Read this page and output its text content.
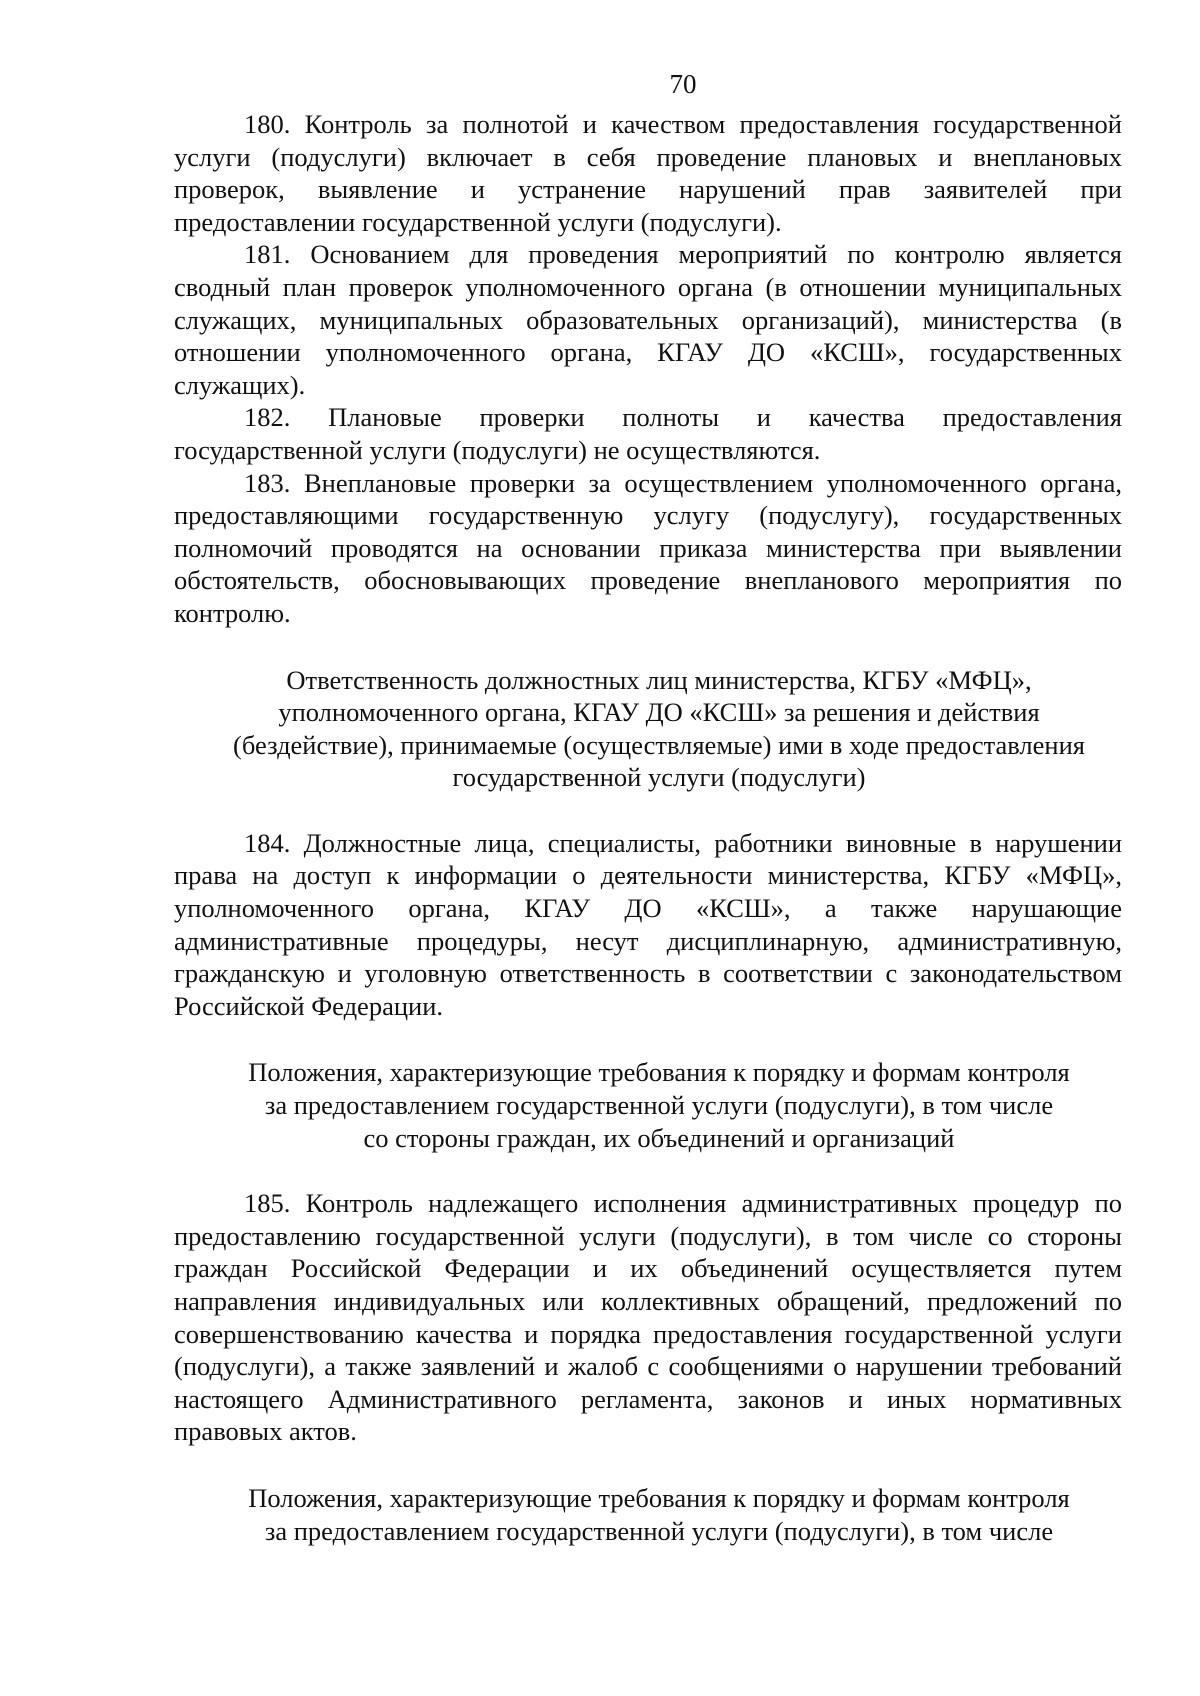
70

180. Контроль за полнотой и качеством предоставления государственной услуги (подуслуги) включает в себя проведение плановых и внеплановых проверок, выявление и устранение нарушений прав заявителей при предоставлении государственной услуги (подуслуги).

181. Основанием для проведения мероприятий по контролю является сводный план проверок уполномоченного органа (в отношении муниципальных служащих, муниципальных образовательных организаций), министерства (в отношении уполномоченного органа, КГАУ ДО «КСШ», государственных служащих).

182. Плановые проверки полноты и качества предоставления государственной услуги (подуслуги) не осуществляются.

183. Внеплановые проверки за осуществлением уполномоченного органа, предоставляющими государственную услугу (подуслугу), государственных полномочий проводятся на основании приказа министерства при выявлении обстоятельств, обосновывающих проведение внепланового мероприятия по контролю.

Ответственность должностных лиц министерства, КГБУ «МФЦ»,
уполномоченного органа, КГАУ ДО «КСШ» за решения и действия
(бездействие), принимаемые (осуществляемые) ими в ходе предоставления
государственной услуги (подуслуги)

184. Должностные лица, специалисты, работники виновные в нарушении права на доступ к информации о деятельности министерства, КГБУ «МФЦ», уполномоченного органа, КГАУ ДО «КСШ», а также нарушающие административные процедуры, несут дисциплинарную, административную, гражданскую и уголовную ответственность в соответствии с законодательством Российской Федерации.

Положения, характеризующие требования к порядку и формам контроля
за предоставлением государственной услуги (подуслуги), в том числе
со стороны граждан, их объединений и организаций

185. Контроль надлежащего исполнения административных процедур по предоставлению государственной услуги (подуслуги), в том числе со стороны граждан Российской Федерации и их объединений осуществляется путем направления индивидуальных или коллективных обращений, предложений по совершенствованию качества и порядка предоставления государственной услуги (подуслуги), а также заявлений и жалоб с сообщениями о нарушении требований настоящего Административного регламента, законов и иных нормативных правовых актов.

Положения, характеризующие требования к порядку и формам контроля
за предоставлением государственной услуги (подуслуги), в том числе
